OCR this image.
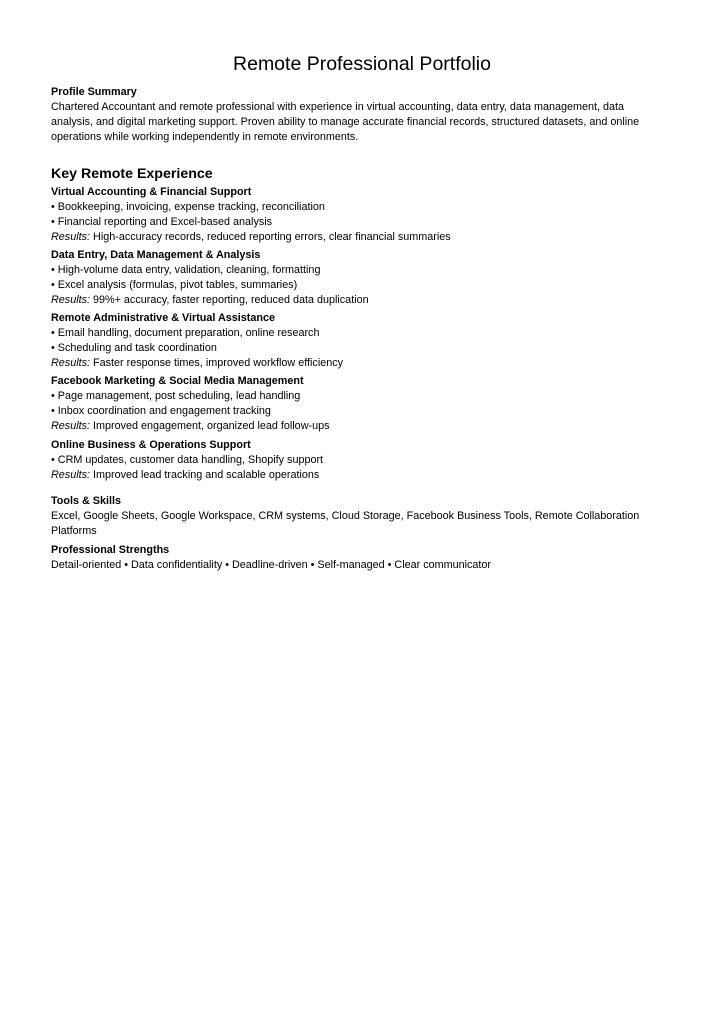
Remote Professional Portfolio

Profile Summary

Chartered Accountant and remote professional with experience in virtual accounting, data entry, data management, data analysis, and digital marketing support. Proven ability to manage accurate financial records, structured datasets, and online operations while working independently in remote environments.

Key Remote Experience

Virtual Accounting & Financial Support

• Bookkeeping, invoicing, expense tracking, reconciliation

• Financial reporting and Excel-based analysis

Results: High-accuracy records, reduced reporting errors, clear financial summaries

Data Entry, Data Management & Analysis

• High-volume data entry, validation, cleaning, formatting

• Excel analysis (formulas, pivot tables, summaries)

Results: 99%+ accuracy, faster reporting, reduced data duplication

Remote Administrative & Virtual Assistance

• Email handling, document preparation, online research

• Scheduling and task coordination

Results: Faster response times, improved workflow efficiency

Facebook Marketing & Social Media Management

• Page management, post scheduling, lead handling

• Inbox coordination and engagement tracking

Results: Improved engagement, organized lead follow-ups

Online Business & Operations Support

• CRM updates, customer data handling, Shopify support

Results: Improved lead tracking and scalable operations

Tools & Skills

Excel, Google Sheets, Google Workspace, CRM systems, Cloud Storage, Facebook Business Tools, Remote Collaboration Platforms

Professional Strengths

Detail-oriented • Data confidentiality • Deadline-driven • Self-managed • Clear communicator
